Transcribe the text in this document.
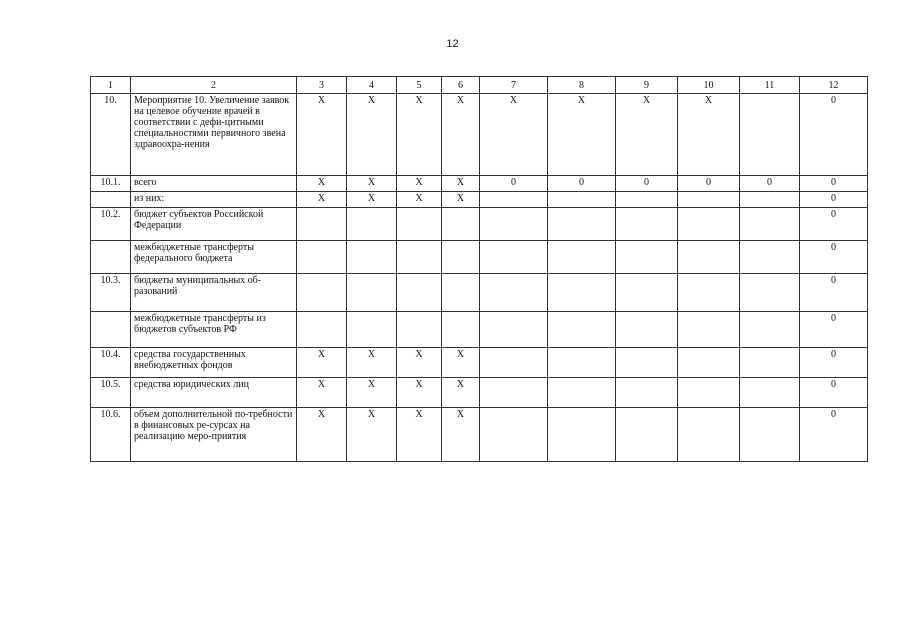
12
1	2	3	4	5	6	7	8	9	10	11	12
10.	Мероприятие 10. Увеличение заявок на целевое обучение врачей в соответствии с дефи-цитными специальностями первичного звена здравоохра-нения	X	X	X	X	X	X	X	X		0
10.1.	всего	X	X	X	X	0	0	0	0	0	0
	из них:	X	X	X	X						0
10.2.	бюджет субъектов Российской Федерации										0
	межбюджетные трансферты федерального бюджета										0
10.3.	бюджеты муниципальных об-разований										0
	межбюджетные трансферты из бюджетов субъектов РФ										0
10.4.	средства государственных внебюджетных фондов	X	X	X	X						0
10.5.	средства юридических лиц	X	X	X	X						0
10.6.	объем дополнительной по-требности в финансовых ре-сурсах на реализацию меро-приятия	X	X	X	X						0
